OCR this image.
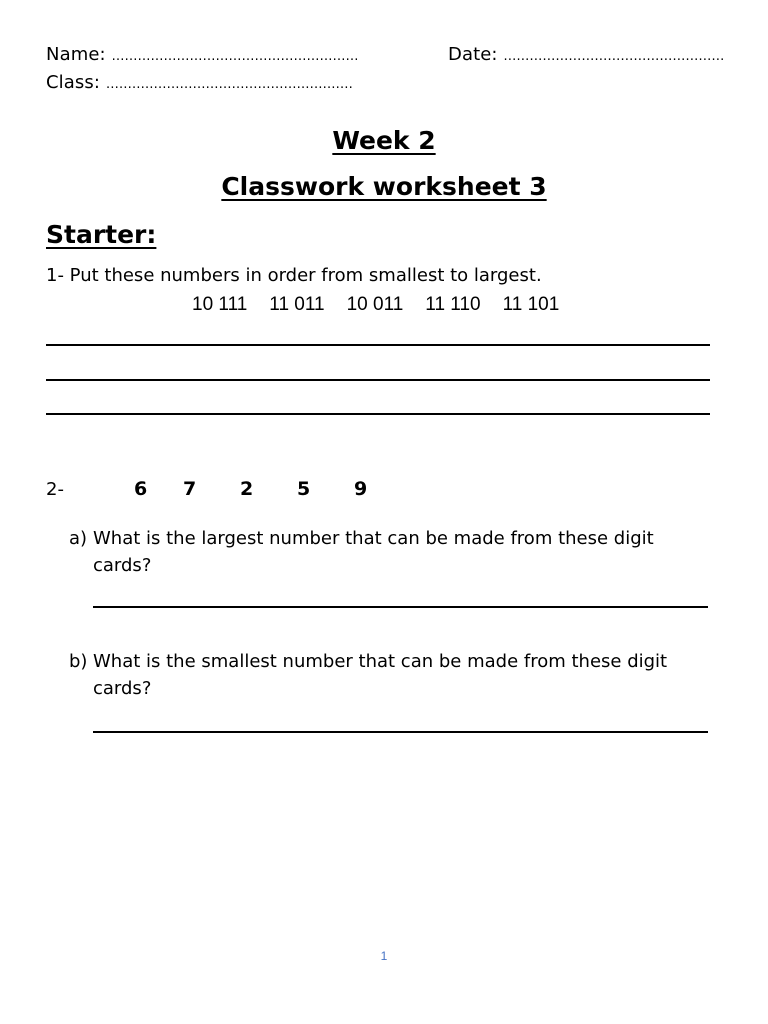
Name: …………………………………………………	Date: ……………………………………………
Class: …………………………………………………
Week 2
Classwork worksheet 3
Starter:
1- Put these numbers in order from smallest to largest.
10 111 11 011 10 011 11 110 11 101
2-	6 7 2 5 9
a) What is the largest number that can be made from these digit
cards?
b) What is the smallest number that can be made from these digit
cards?
1
